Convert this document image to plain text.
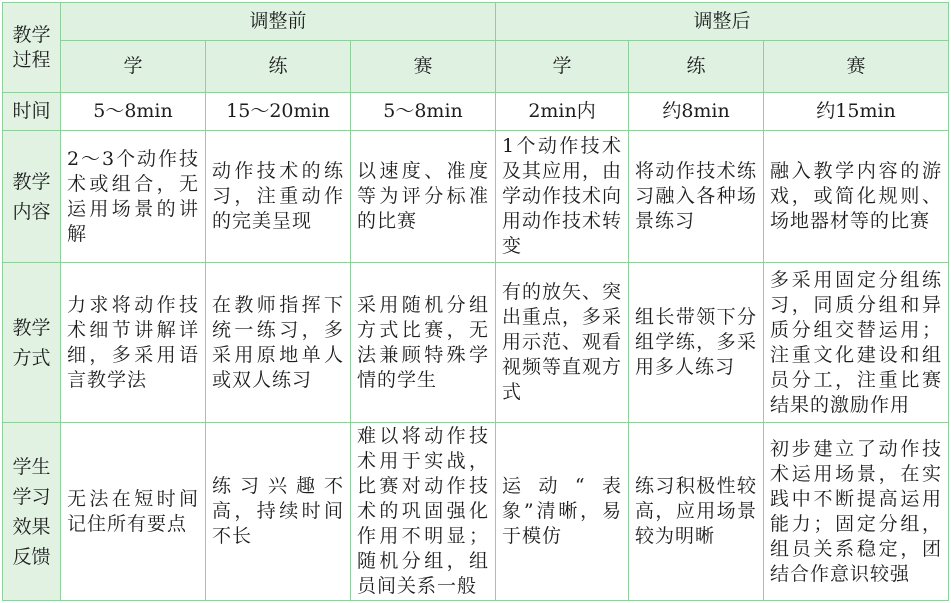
教学过程	调整前			调整后		
	学	练	赛	学	练	赛
时间	5～8min	15～20min	5～8min	2min内	约8min	约15min
教学内容	2～3个动作技术或组合，无运用场景的讲解	动作技术的练习，注重动作的完美呈现	以速度、准度等为评分标准的比赛	1个动作技术及其应用，由学动作技术向用动作技术转变	将动作技术练习融入各种场景练习	融入教学内容的游戏，或简化规则、场地器材等的比赛
教学方式	力求将动作技术细节讲解详细，多采用语言教学法	在教师指挥下统一练习，多采用原地单人或双人练习	采用随机分组方式比赛，无法兼顾特殊学情的学生	有的放矢、突出重点，多采用示范、观看视频等直观方式	组长带领下分组学练，多采用多人练习	多采用固定分组练习，同质分组和异质分组交替运用；注重文化建设和组员分工，注重比赛结果的激励作用
学生学习效果反馈	无法在短时间记住所有要点	练习兴趣不高，持续时间不长	难以将动作技术用于实战，比赛对动作技术的巩固强化作用不明显；随机分组，组员间关系一般	运动“表象”清晰，易于模仿	练习积极性较高，应用场景较为明晰	初步建立了动作技术运用场景，在实践中不断提高运用能力；固定分组，组员关系稳定，团结合作意识较强
